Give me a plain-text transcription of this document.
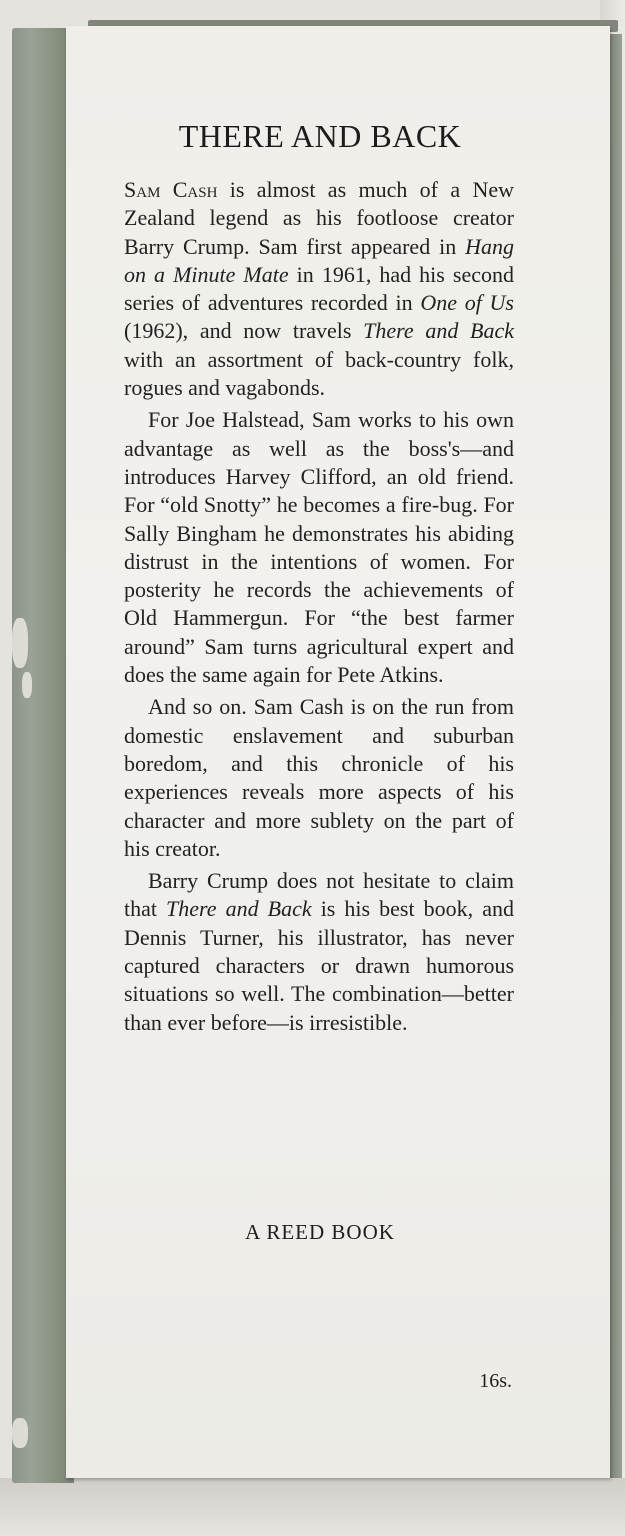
THERE AND BACK

Sam Cash is almost as much of a New Zealand legend as his footloose creator Barry Crump. Sam first appeared in Hang on a Minute Mate in 1961, had his second series of adventures recorded in One of Us (1962), and now travels There and Back with an assortment of back-country folk, rogues and vagabonds.

For Joe Halstead, Sam works to his own advantage as well as the boss's—and introduces Harvey Clifford, an old friend. For “old Snotty” he becomes a fire-bug. For Sally Bingham he demonstrates his abiding distrust in the intentions of women. For posterity he records the achievements of Old Hammergun. For “the best farmer around” Sam turns agricultural expert and does the same again for Pete Atkins.

And so on. Sam Cash is on the run from domestic enslavement and suburban boredom, and this chronicle of his experiences reveals more aspects of his character and more sublety on the part of his creator.

Barry Crump does not hesitate to claim that There and Back is his best book, and Dennis Turner, his illustrator, has never captured characters or drawn humorous situations so well. The combination—better than ever before—is irresistible.

A REED BOOK
16s.
